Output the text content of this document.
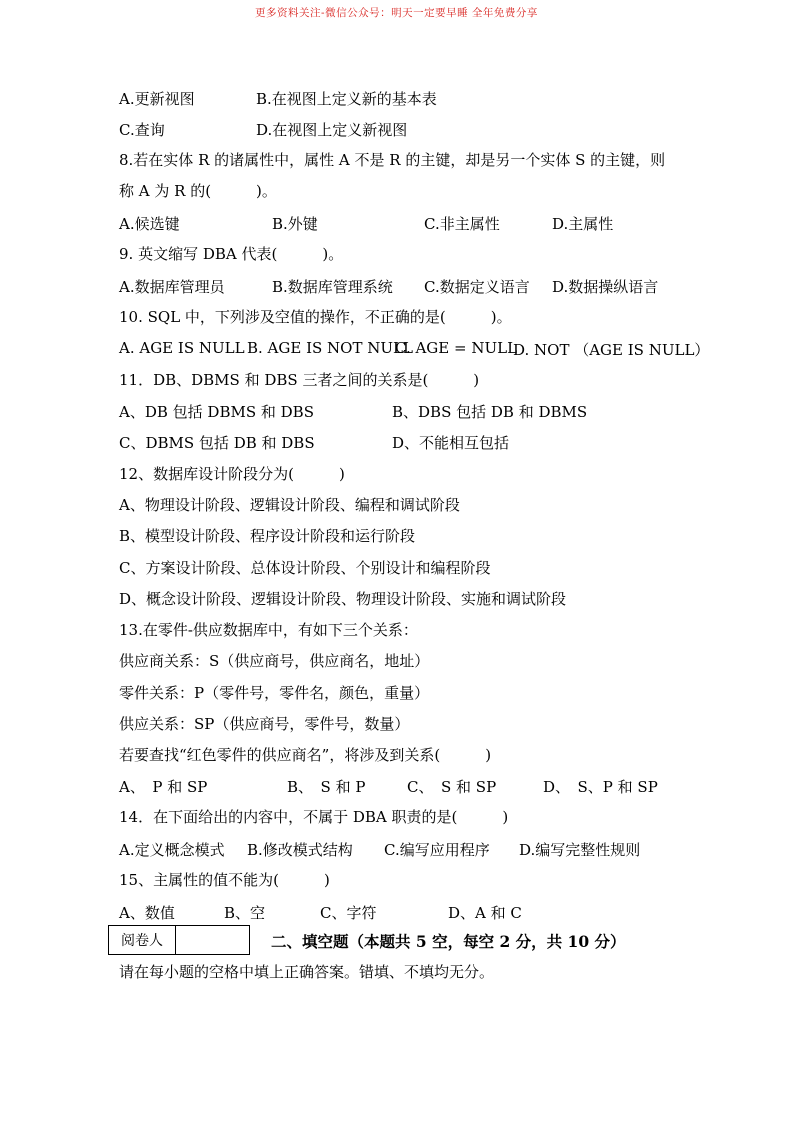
更多资料关注-微信公众号：明天一定要早睡 全年免费分享
A.更新视图	B.在视图上定义新的基本表
C.查询	D.在视图上定义新视图
8.若在实体 R 的诸属性中，属性 A 不是 R 的主键，却是另一个实体 S 的主键，则
称 A 为 R 的(　　　)。
A.候选键	B.外键	C.非主属性	D.主属性
9. 英文缩写 DBA 代表(　　　)。
A.数据库管理员	B.数据库管理系统 C.数据定义语言 D.数据操纵语言
10. SQL 中，下列涉及空值的操作，不正确的是(　　　)。
A. AGE IS NULL B. AGE IS NOT NULL
C. AGE = NULL
D. NOT （AGE IS NULL）
11．DB、DBMS 和 DBS 三者之间的关系是(　　　)
A、DB 包括 DBMS 和 DBS	B、DBS 包括 DB 和 DBMS
C、DBMS 包括 DB 和 DBS	D、不能相互包括
12、数据库设计阶段分为(　　　)
A、物理设计阶段、逻辑设计阶段、编程和调试阶段
B、模型设计阶段、程序设计阶段和运行阶段
C、方案设计阶段、总体设计阶段、个别设计和编程阶段
D、概念设计阶段、逻辑设计阶段、物理设计阶段、实施和调试阶段
13.在零件-供应数据库中，有如下三个关系：
供应商关系：S（供应商号，供应商名，地址）
零件关系：P（零件号，零件名，颜色，重量）
供应关系：SP（供应商号，零件号，数量）
若要查找“红色零件的供应商名”，将涉及到关系(　　　)
A、　P 和 SP	B、　S 和 P	C、　S 和 SP	D、　S、P 和 SP
14．在下面给出的内容中，不属于 DBA 职责的是(　　　)
A.定义概念模式 B.修改模式结构 C.编写应用程序 D.编写完整性规则
15、主属性的值不能为(　　　)
A、数值	B、空	C、字符	D、A 和 C
阅卷人	二、填空题（本题共 5 空，每空 2 分，共 10 分）
请在每小题的空格中填上正确答案。错填、不填均无分。
